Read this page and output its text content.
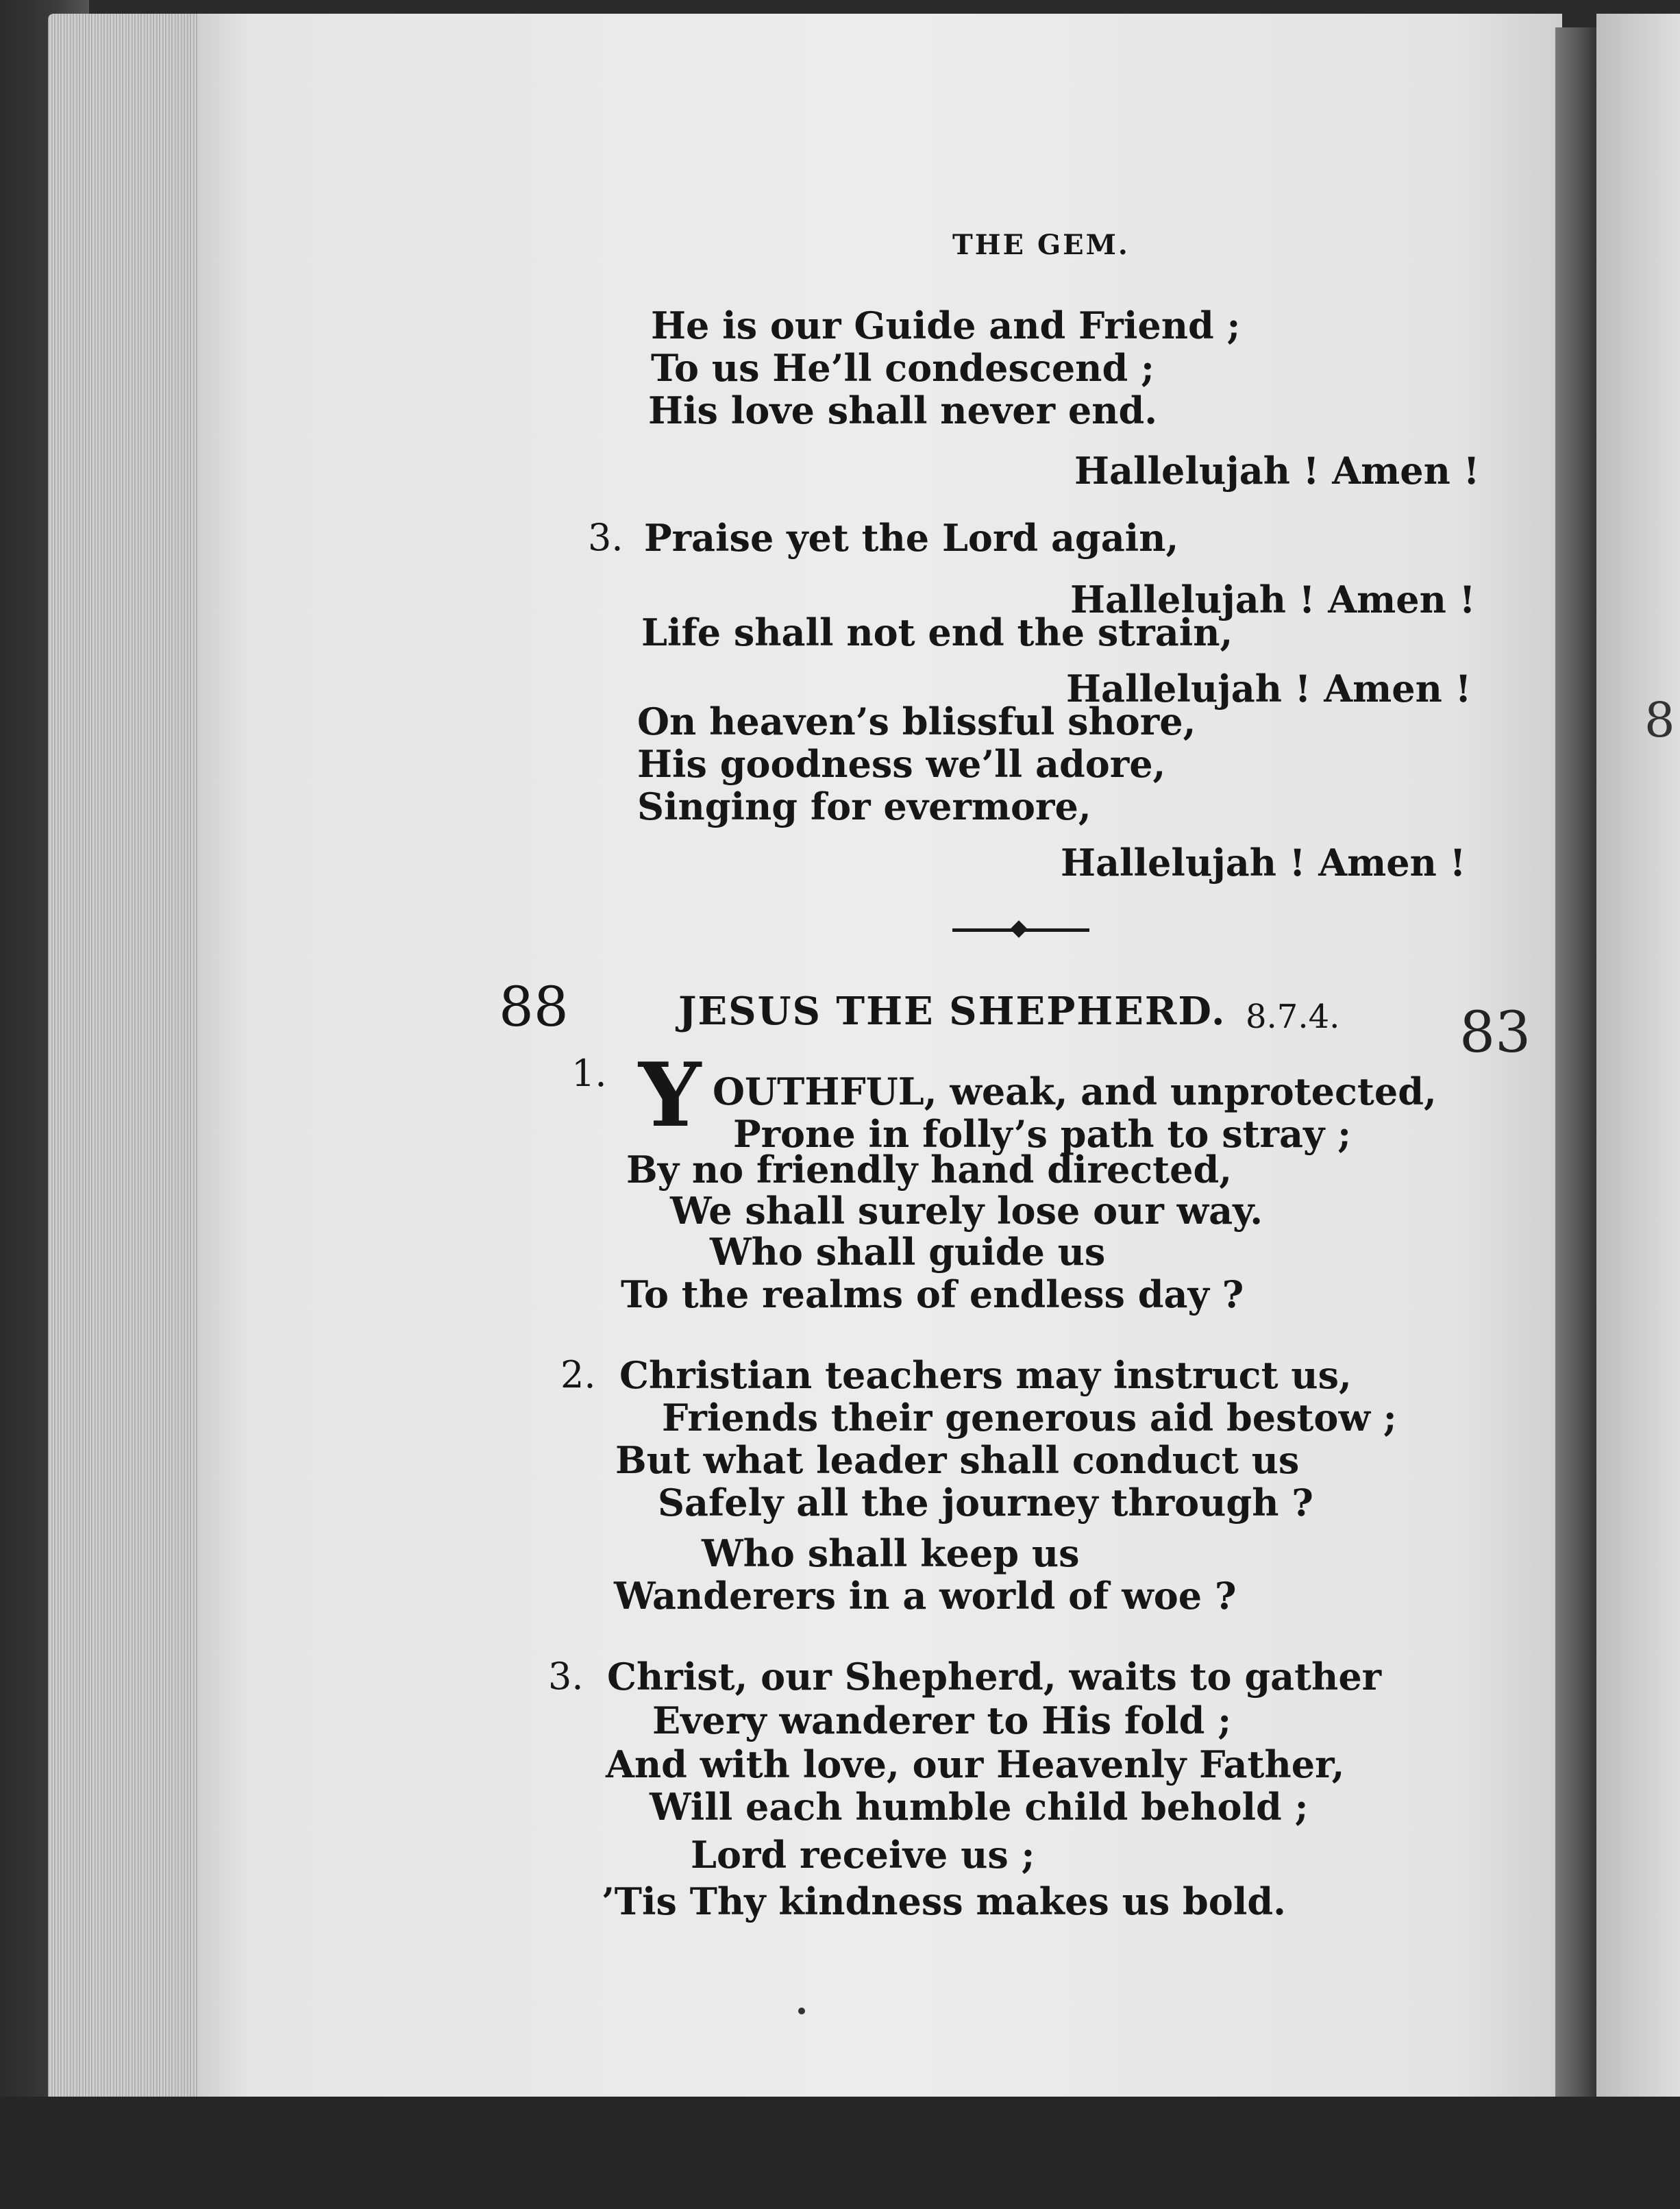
83
8
THE GEM.
He is our Guide and Friend ;
To us He’ll condescend ;
His love shall never end.
Hallelujah ! Amen !
3. Praise yet the Lord again,
Hallelujah ! Amen !
Life shall not end the strain,
Hallelujah ! Amen !
On heaven’s blissful shore,
His goodness we’ll adore,
Singing for evermore,
Hallelujah ! Amen !
88	JESUS THE SHEPHERD. 8.7.4.
1. Y OUTHFUL, weak, and unprotected,
Prone in folly’s path to stray ;
By no friendly hand directed,
We shall surely lose our way.
Who shall guide us
To the realms of endless day ?
2. Christian teachers may instruct us,
Friends their generous aid bestow ;
But what leader shall conduct us
Safely all the journey through ?
Who shall keep us
Wanderers in a world of woe ?
3. Christ, our Shepherd, waits to gather
Every wanderer to His fold ;
And with love, our Heavenly Father,
Will each humble child behold ;
Lord receive us ;
’Tis Thy kindness makes us bold.
